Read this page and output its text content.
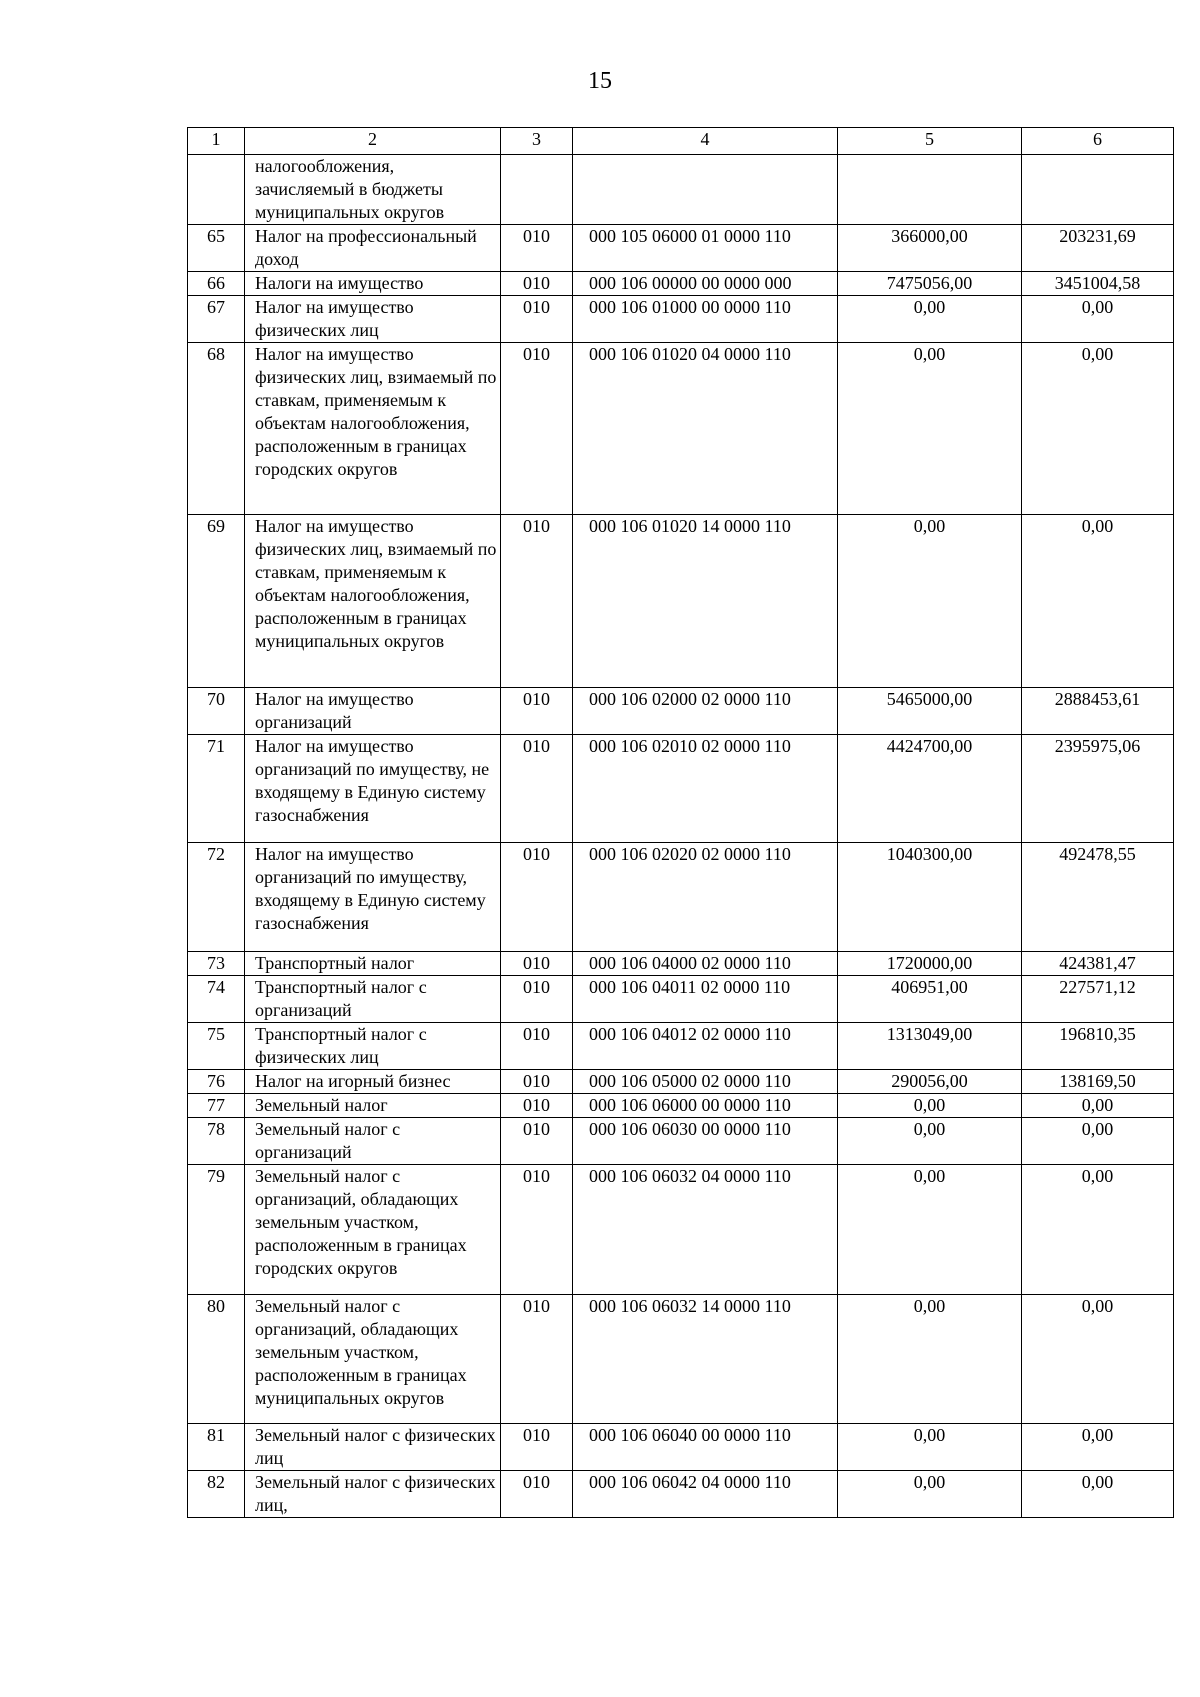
15
1	2	3	4	5	6
	налогообложения, зачисляемый в бюджеты муниципальных округов				
65	Налог на профессиональный доход	010	000 105 06000 01 0000 110	366000,00	203231,69
66	Налоги на имущество	010	000 106 00000 00 0000 000	7475056,00	3451004,58
67	Налог на имущество физических лиц	010	000 106 01000 00 0000 110	0,00	0,00
68	Налог на имущество физических лиц, взимаемый по ставкам, применяемым к объектам налогообложения, расположенным в границах городских округов	010	000 106 01020 04 0000 110	0,00	0,00
69	Налог на имущество физических лиц, взимаемый по ставкам, применяемым к объектам налогообложения, расположенным в границах муниципальных округов	010	000 106 01020 14 0000 110	0,00	0,00
70	Налог на имущество организаций	010	000 106 02000 02 0000 110	5465000,00	2888453,61
71	Налог на имущество организаций по имуществу, не входящему в Единую систему газоснабжения	010	000 106 02010 02 0000 110	4424700,00	2395975,06
72	Налог на имущество организаций по имуществу, входящему в Единую систему газоснабжения	010	000 106 02020 02 0000 110	1040300,00	492478,55
73	Транспортный налог	010	000 106 04000 02 0000 110	1720000,00	424381,47
74	Транспортный налог с организаций	010	000 106 04011 02 0000 110	406951,00	227571,12
75	Транспортный налог с физических лиц	010	000 106 04012 02 0000 110	1313049,00	196810,35
76	Налог на игорный бизнес	010	000 106 05000 02 0000 110	290056,00	138169,50
77	Земельный налог	010	000 106 06000 00 0000 110	0,00	0,00
78	Земельный налог с организаций	010	000 106 06030 00 0000 110	0,00	0,00
79	Земельный налог с организаций, обладающих земельным участком, расположенным в границах городских округов	010	000 106 06032 04 0000 110	0,00	0,00
80	Земельный налог с организаций, обладающих земельным участком, расположенным в границах муниципальных округов	010	000 106 06032 14 0000 110	0,00	0,00
81	Земельный налог с физических лиц	010	000 106 06040 00 0000 110	0,00	0,00
82	Земельный налог с физических лиц,	010	000 106 06042 04 0000 110	0,00	0,00
